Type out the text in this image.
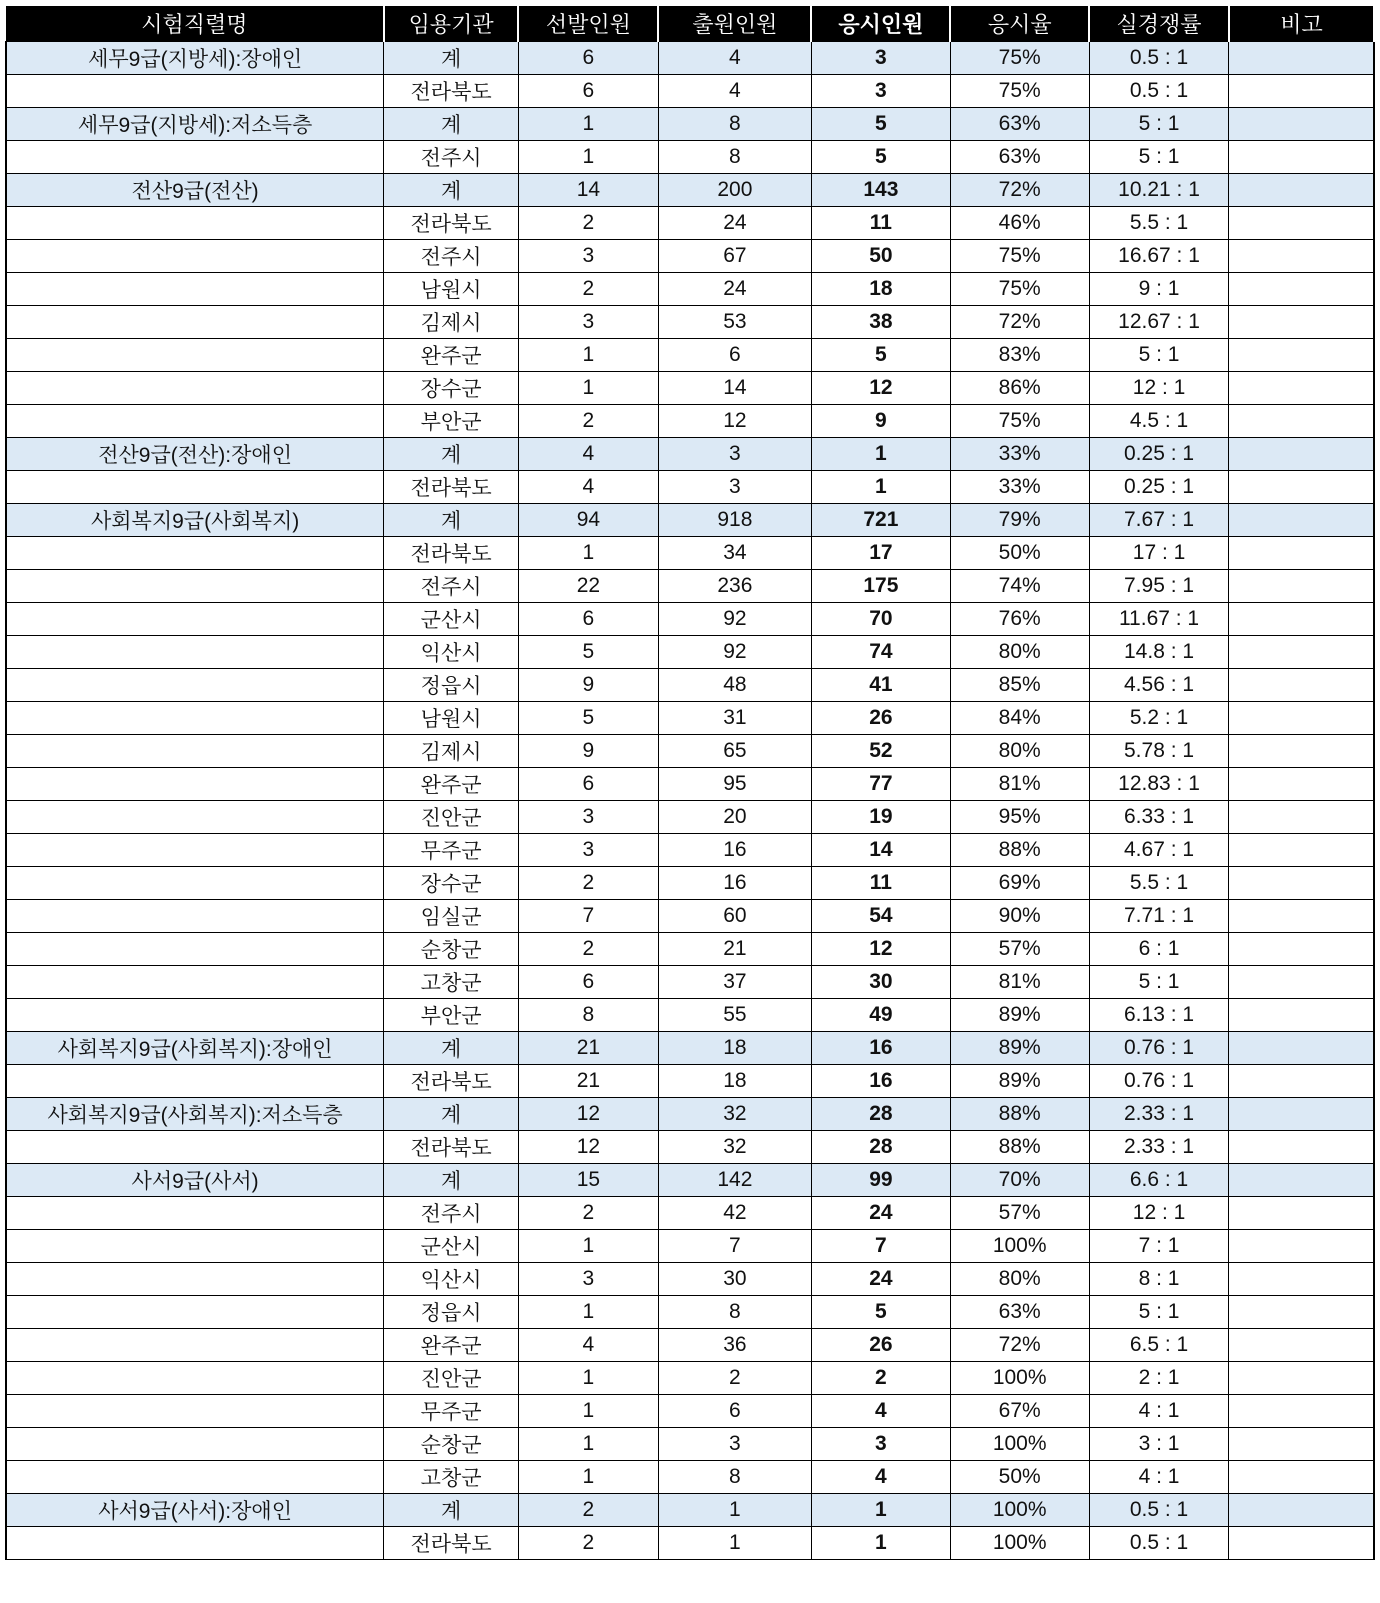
시험직렬명	임용기관	선발인원	출원인원	응시인원	응시율	실경쟁률	비고
세무9급(지방세):장애인	계	6	4	3	75%	0.5 : 1	
	전라북도	6	4	3	75%	0.5 : 1	
세무9급(지방세):저소득층	계	1	8	5	63%	5 : 1	
	전주시	1	8	5	63%	5 : 1	
전산9급(전산)	계	14	200	143	72%	10.21 : 1	
	전라북도	2	24	11	46%	5.5 : 1	
	전주시	3	67	50	75%	16.67 : 1	
	남원시	2	24	18	75%	9 : 1	
	김제시	3	53	38	72%	12.67 : 1	
	완주군	1	6	5	83%	5 : 1	
	장수군	1	14	12	86%	12 : 1	
	부안군	2	12	9	75%	4.5 : 1	
전산9급(전산):장애인	계	4	3	1	33%	0.25 : 1	
	전라북도	4	3	1	33%	0.25 : 1	
사회복지9급(사회복지)	계	94	918	721	79%	7.67 : 1	
	전라북도	1	34	17	50%	17 : 1	
	전주시	22	236	175	74%	7.95 : 1	
	군산시	6	92	70	76%	11.67 : 1	
	익산시	5	92	74	80%	14.8 : 1	
	정읍시	9	48	41	85%	4.56 : 1	
	남원시	5	31	26	84%	5.2 : 1	
	김제시	9	65	52	80%	5.78 : 1	
	완주군	6	95	77	81%	12.83 : 1	
	진안군	3	20	19	95%	6.33 : 1	
	무주군	3	16	14	88%	4.67 : 1	
	장수군	2	16	11	69%	5.5 : 1	
	임실군	7	60	54	90%	7.71 : 1	
	순창군	2	21	12	57%	6 : 1	
	고창군	6	37	30	81%	5 : 1	
	부안군	8	55	49	89%	6.13 : 1	
사회복지9급(사회복지):장애인	계	21	18	16	89%	0.76 : 1	
	전라북도	21	18	16	89%	0.76 : 1	
사회복지9급(사회복지):저소득층	계	12	32	28	88%	2.33 : 1	
	전라북도	12	32	28	88%	2.33 : 1	
사서9급(사서)	계	15	142	99	70%	6.6 : 1	
	전주시	2	42	24	57%	12 : 1	
	군산시	1	7	7	100%	7 : 1	
	익산시	3	30	24	80%	8 : 1	
	정읍시	1	8	5	63%	5 : 1	
	완주군	4	36	26	72%	6.5 : 1	
	진안군	1	2	2	100%	2 : 1	
	무주군	1	6	4	67%	4 : 1	
	순창군	1	3	3	100%	3 : 1	
	고창군	1	8	4	50%	4 : 1	
사서9급(사서):장애인	계	2	1	1	100%	0.5 : 1	
	전라북도	2	1	1	100%	0.5 : 1	
